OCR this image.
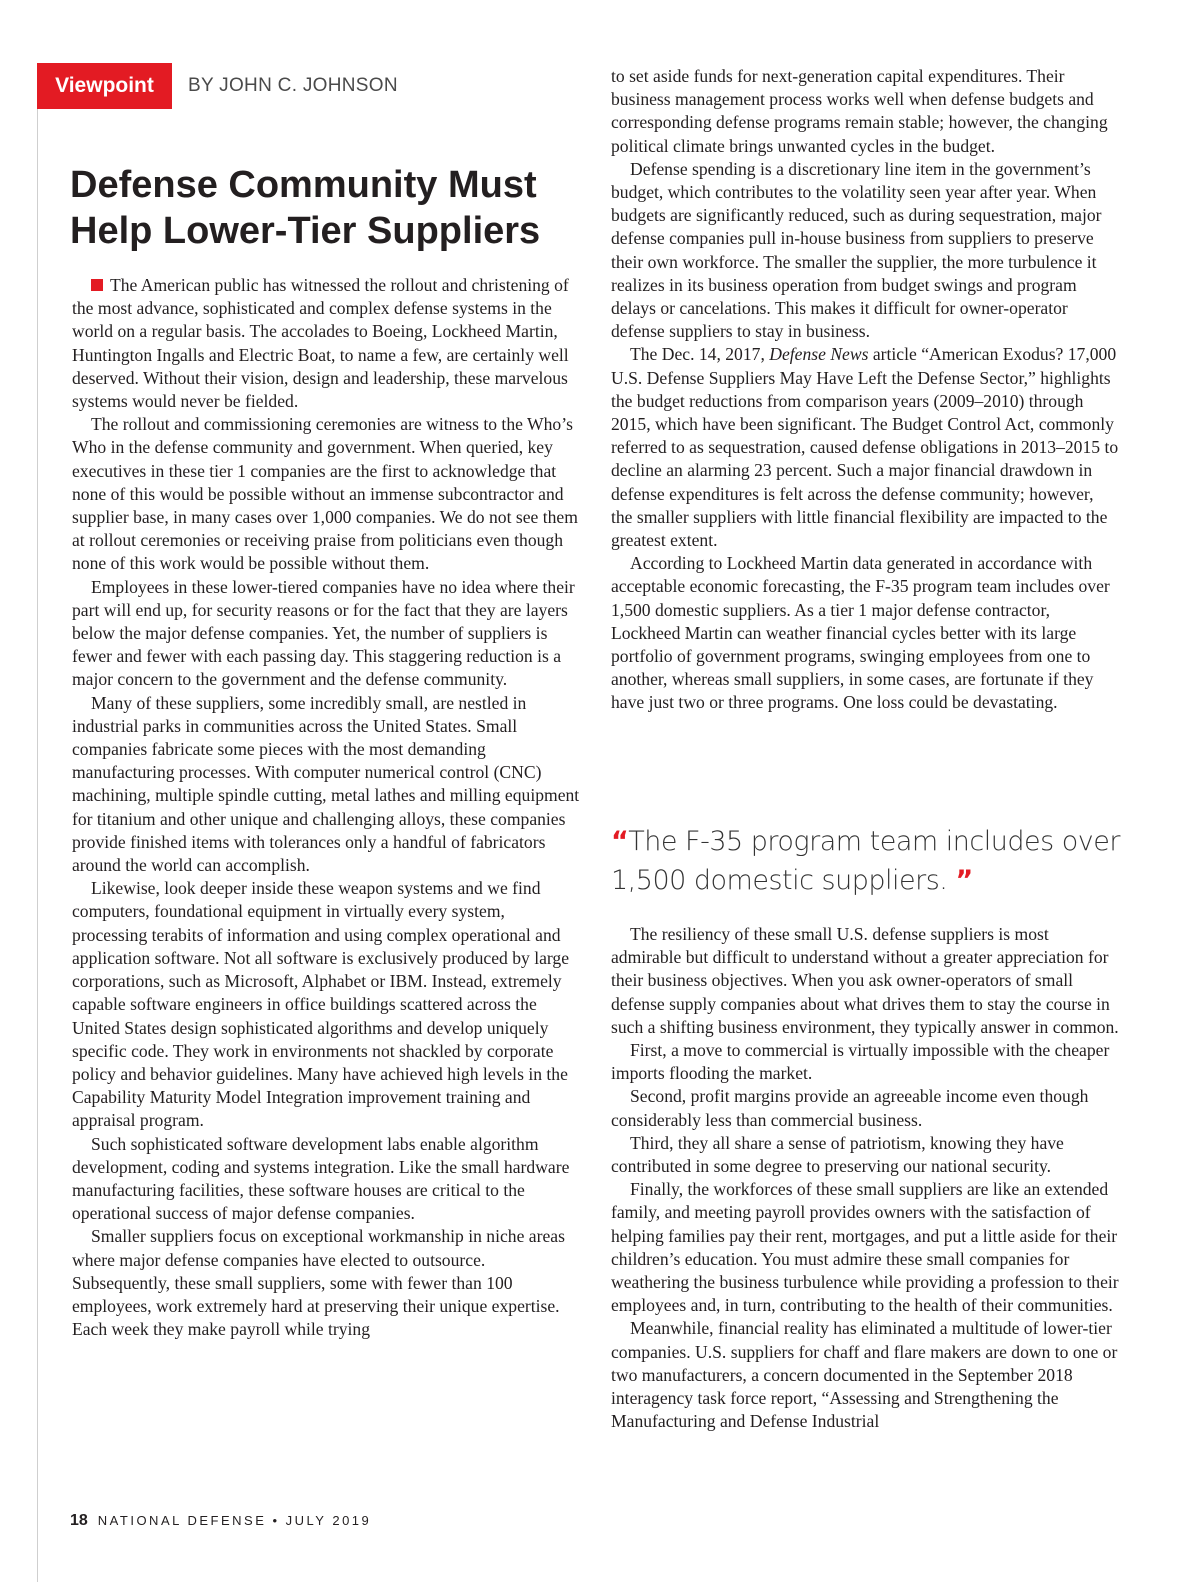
Viewpoint	BY JOHN C. JOHNSON
Defense Community Must Help Lower-Tier Suppliers

The American public has witnessed the rollout and christening of the most advance, sophisticated and complex defense systems in the world on a regular basis. The accolades to Boeing, Lockheed Martin, Huntington Ingalls and Electric Boat, to name a few, are certainly well deserved. Without their vision, design and leadership, these marvelous systems would never be fielded.

The rollout and commissioning ceremonies are witness to the Who’s Who in the defense community and government. When queried, key executives in these tier 1 companies are the first to acknowledge that none of this would be possible without an immense subcontractor and supplier base, in many cases over 1,000 companies. We do not see them at rollout ceremonies or receiving praise from politicians even though none of this work would be possible without them.

Employees in these lower-tiered companies have no idea where their part will end up, for security reasons or for the fact that they are layers below the major defense companies. Yet, the number of suppliers is fewer and fewer with each passing day. This staggering reduction is a major concern to the government and the defense community.

Many of these suppliers, some incredibly small, are nestled in industrial parks in communities across the United States. Small companies fabricate some pieces with the most demanding manufacturing processes. With computer numerical control (CNC) machining, multiple spindle cutting, metal lathes and milling equipment for titanium and other unique and challenging alloys, these companies provide finished items with tolerances only a handful of fabricators around the world can accomplish.

Likewise, look deeper inside these weapon systems and we find computers, foundational equipment in virtually every system, processing terabits of information and using complex operational and application software. Not all software is exclusively produced by large corporations, such as Microsoft, Alphabet or IBM. Instead, extremely capable software engineers in office buildings scattered across the United States design sophisticated algorithms and develop uniquely specific code. They work in environments not shackled by corporate policy and behavior guidelines. Many have achieved high levels in the Capability Maturity Model Integration improvement training and appraisal program.

Such sophisticated software development labs enable algorithm development, coding and systems integration. Like the small hardware manufacturing facilities, these software houses are critical to the operational success of major defense companies.

Smaller suppliers focus on exceptional workmanship in niche areas where major defense companies have elected to outsource. Subsequently, these small suppliers, some with fewer than 100 employees, work extremely hard at preserving their unique expertise. Each week they make payroll while trying

to set aside funds for next-generation capital expenditures. Their business management process works well when defense budgets and corresponding defense programs remain stable; however, the changing political climate brings unwanted cycles in the budget.

Defense spending is a discretionary line item in the government’s budget, which contributes to the volatility seen year after year. When budgets are significantly reduced, such as during sequestration, major defense companies pull in-house business from suppliers to preserve their own workforce. The smaller the supplier, the more turbulence it realizes in its business operation from budget swings and program delays or cancelations. This makes it difficult for owner-operator defense suppliers to stay in business.

The Dec. 14, 2017, Defense News article “American Exodus? 17,000 U.S. Defense Suppliers May Have Left the Defense Sector,” highlights the budget reductions from comparison years (2009–2010) through 2015, which have been significant. The Budget Control Act, commonly referred to as sequestration, caused defense obligations in 2013–2015 to decline an alarming 23 percent. Such a major financial drawdown in defense expenditures is felt across the defense community; however, the smaller suppliers with little financial flexibility are impacted to the greatest extent.

According to Lockheed Martin data generated in accordance with acceptable economic forecasting, the F-35 program team includes over 1,500 domestic suppliers. As a tier 1 major defense contractor, Lockheed Martin can weather financial cycles better with its large portfolio of government programs, swinging employees from one to another, whereas small suppliers, in some cases, are fortunate if they have just two or three programs. One loss could be devastating.

“The F-35 program team includes over 1,500 domestic suppliers. ”

The resiliency of these small U.S. defense suppliers is most admirable but difficult to understand without a greater appreciation for their business objectives. When you ask owner-operators of small defense supply companies about what drives them to stay the course in such a shifting business environment, they typically answer in common.

First, a move to commercial is virtually impossible with the cheaper imports flooding the market.

Second, profit margins provide an agreeable income even though considerably less than commercial business.

Third, they all share a sense of patriotism, knowing they have contributed in some degree to preserving our national security.

Finally, the workforces of these small suppliers are like an extended family, and meeting payroll provides owners with the satisfaction of helping families pay their rent, mortgages, and put a little aside for their children’s education. You must admire these small companies for weathering the business turbulence while providing a profession to their employees and, in turn, contributing to the health of their communities.

Meanwhile, financial reality has eliminated a multitude of lower-tier companies. U.S. suppliers for chaff and flare makers are down to one or two manufacturers, a concern documented in the September 2018 interagency task force report, “Assessing and Strengthening the Manufacturing and Defense Industrial

18 NATIONAL DEFENSE • JULY 2019
